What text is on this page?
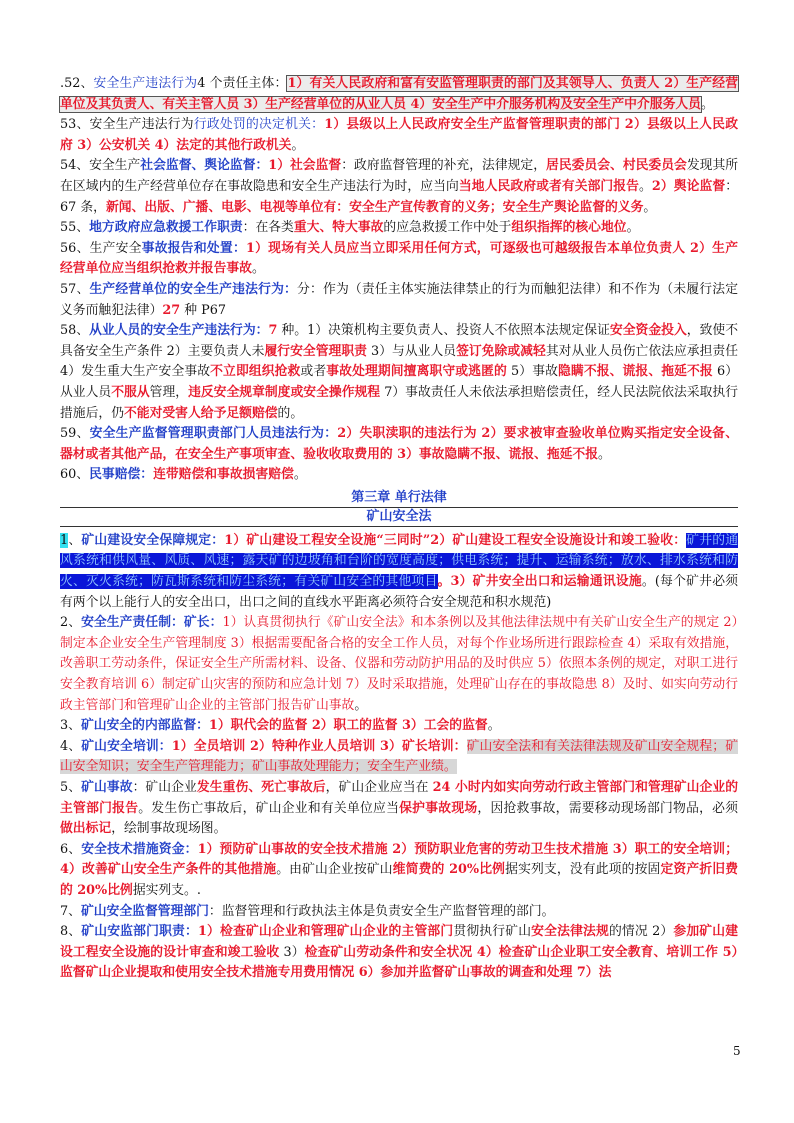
.52、安全生产违法行为4 个责任主体：1）有关人民政府和富有安监管理职责的部门及其领导人、负责人 2）生产经营单位及其负责人、有关主管人员 3）生产经营单位的从业人员 4）安全生产中介服务机构及安全生产中介服务人员。

53、安全生产违法行为行政处罚的决定机关：1）县级以上人民政府安全生产监督管理职责的部门 2）县级以上人民政府 3）公安机关 4）法定的其他行政机关。

54、安全生产社会监督、舆论监督：1）社会监督：政府监督管理的补充，法律规定，居民委员会、村民委员会发现其所在区域内的生产经营单位存在事故隐患和安全生产违法行为时，应当向当地人民政府或者有关部门报告。2）舆论监督：67 条，新闻、出版、广播、电影、电视等单位有：安全生产宣传教育的义务；安全生产舆论监督的义务。

55、地方政府应急救援工作职责：在各类重大、特大事故的应急救援工作中处于组织指挥的核心地位。

56、生产安全事故报告和处置：1）现场有关人员应当立即采用任何方式，可逐级也可越级报告本单位负责人 2）生产经营单位应当组织抢救并报告事故。

57、生产经营单位的安全生产违法行为：分：作为（责任主体实施法律禁止的行为而触犯法律）和不作为（未履行法定义务而触犯法律）27 种 P67

58、从业人员的安全生产违法行为：7 种。1）决策机构主要负责人、投资人不依照本法规定保证安全资金投入，致使不具备安全生产条件 2）主要负责人未履行安全管理职责 3）与从业人员签订免除或减轻其对从业人员伤亡依法应承担责任 4）发生重大生产安全事故不立即组织抢救或者事故处理期间擅离职守或逃匿的 5）事故隐瞒不报、谎报、拖延不报 6）从业人员不服从管理，违反安全规章制度或安全操作规程 7）事故责任人未依法承担赔偿责任，经人民法院依法采取执行措施后，仍不能对受害人给予足额赔偿的。

59、安全生产监督管理职责部门人员违法行为：2）失职渎职的违法行为 2）要求被审查验收单位购买指定安全设备、器材或者其他产品，在安全生产事项审查、验收收取费用的 3）事故隐瞒不报、谎报、拖延不报。

60、民事赔偿：连带赔偿和事故损害赔偿。

第三章 单行法律
矿山安全法

1、矿山建设安全保障规定：1）矿山建设工程安全设施“三同时”2）矿山建设工程安全设施设计和竣工验收：矿井的通风系统和供风量、风质、风速；露天矿的边坡角和台阶的宽度高度；供电系统；提升、运输系统；放水、排水系统和防火、灭火系统；防瓦斯系统和防尘系统；有关矿山安全的其他项目。3）矿井安全出口和运输通讯设施。(每个矿井必须有两个以上能行人的安全出口，出口之间的直线水平距离必须符合安全规范和积水规范)

2、安全生产责任制：矿长：1）认真贯彻执行《矿山安全法》和本条例以及其他法律法规中有关矿山安全生产的规定 2）制定本企业安全生产管理制度 3）根据需要配备合格的安全工作人员，对每个作业场所进行跟踪检查 4）采取有效措施，改善职工劳动条件，保证安全生产所需材料、设备、仪器和劳动防护用品的及时供应 5）依照本条例的规定，对职工进行安全教育培训 6）制定矿山灾害的预防和应急计划 7）及时采取措施，处理矿山存在的事故隐患 8）及时、如实向劳动行政主管部门和管理矿山企业的主管部门报告矿山事故。

3、矿山安全的内部监督：1）职代会的监督 2）职工的监督 3）工会的监督。

4、矿山安全培训：1）全员培训 2）特种作业人员培训 3）矿长培训：矿山安全法和有关法律法规及矿山安全规程；矿山安全知识；安全生产管理能力；矿山事故处理能力；安全生产业绩。

5、矿山事故：矿山企业发生重伤、死亡事故后，矿山企业应当在 24 小时内如实向劳动行政主管部门和管理矿山企业的主管部门报告。发生伤亡事故后，矿山企业和有关单位应当保护事故现场，因抢救事故，需要移动现场部门物品，必须做出标记，绘制事故现场图。

6、安全技术措施资金：1）预防矿山事故的安全技术措施 2）预防职业危害的劳动卫生技术措施 3）职工的安全培训；4）改善矿山安全生产条件的其他措施。由矿山企业按矿山维简费的 20%比例据实列支，没有此项的按固定资产折旧费的 20%比例据实列支。.

7、矿山安全监督管理部门：监督管理和行政执法主体是负责安全生产监督管理的部门。

8、矿山安监部门职责：1）检查矿山企业和管理矿山企业的主管部门贯彻执行矿山安全法律法规的情况 2）参加矿山建设工程安全设施的设计审查和竣工验收 3）检查矿山劳动条件和安全状况 4）检查矿山企业职工安全教育、培训工作 5）监督矿山企业提取和使用安全技术措施专用费用情况 6）参加并监督矿山事故的调查和处理 7）法

5
